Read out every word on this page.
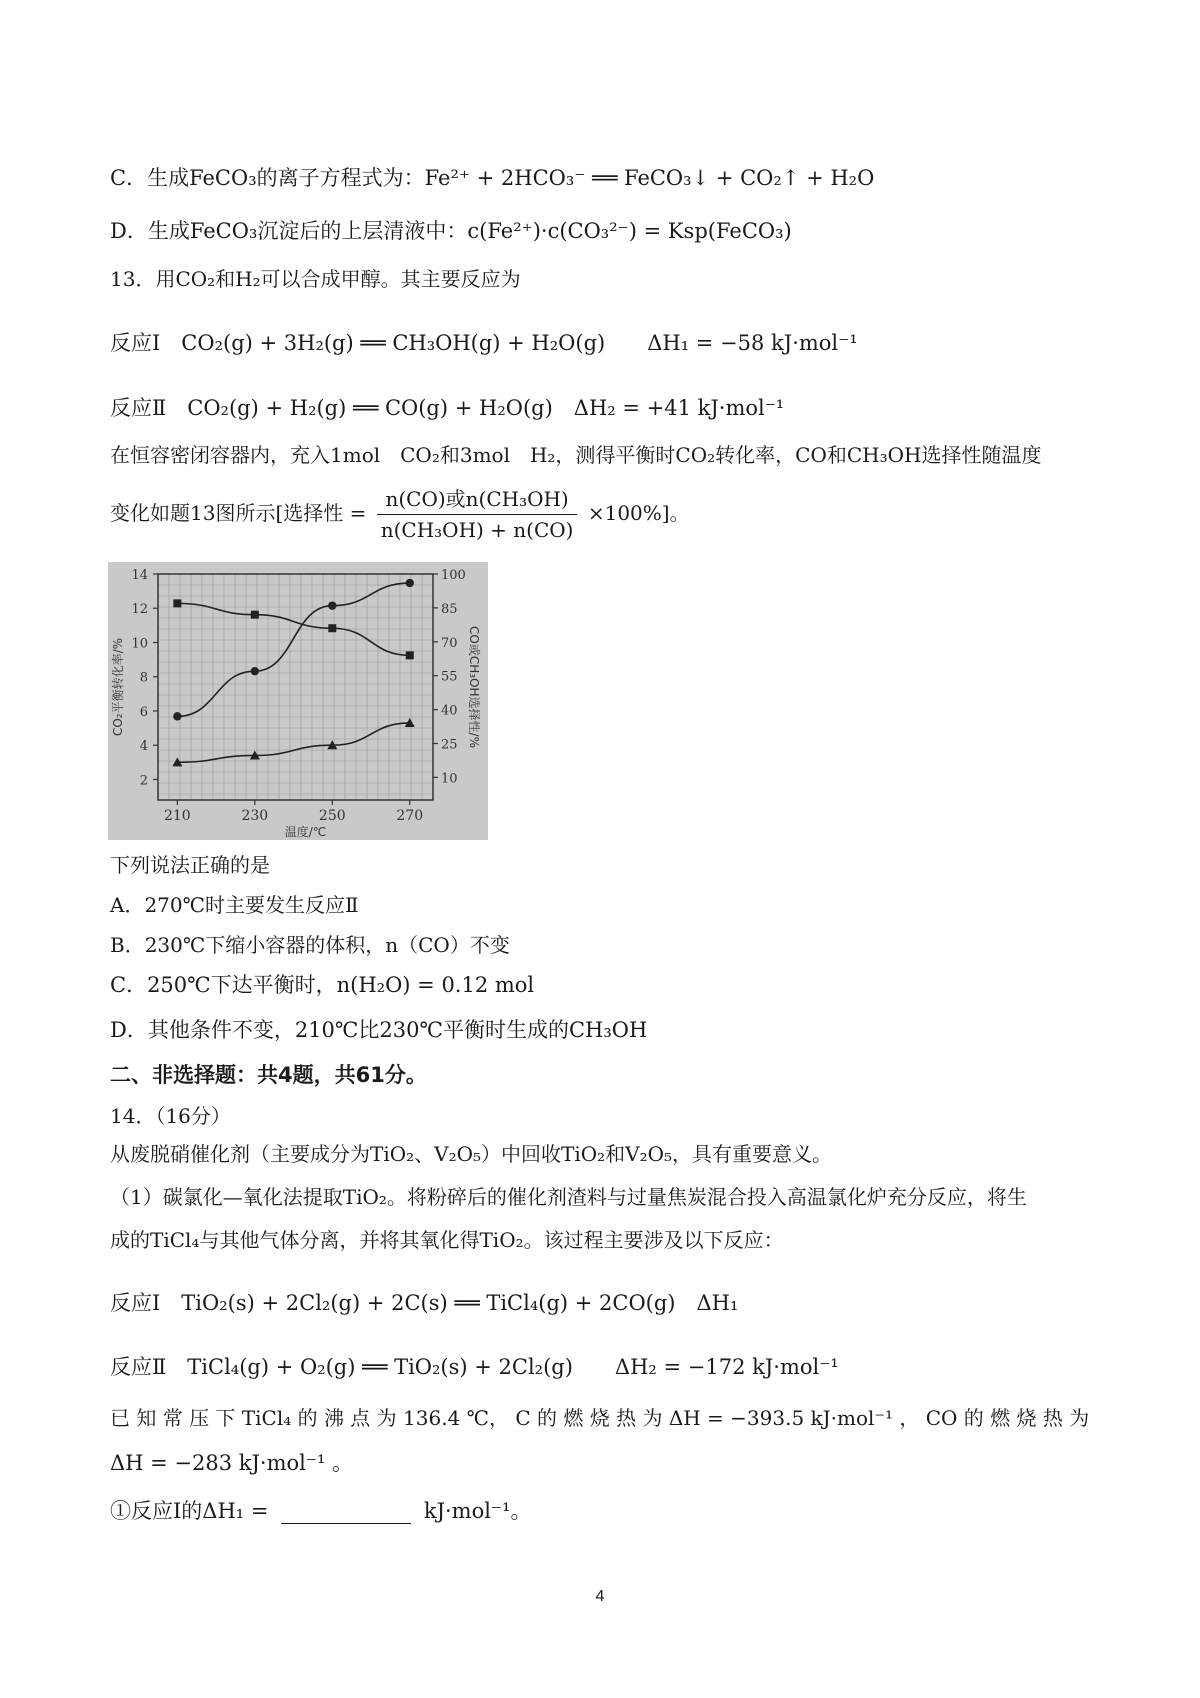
C．生成FeCO₃的离子方程式为：Fe²⁺ + 2HCO₃⁻ ══ FeCO₃↓ + CO₂↑ + H₂O
D．生成FeCO₃沉淀后的上层清液中：c(Fe²⁺)·c(CO₃²⁻) = Ksp(FeCO₃)
13．用CO₂和H₂可以合成甲醇。其主要反应为
反应Ⅰ　CO₂(g) + 3H₂(g) ══ CH₃OH(g) + H₂O(g)　　ΔH₁ = −58 kJ·mol⁻¹
反应Ⅱ　CO₂(g) + H₂(g) ══ CO(g) + H₂O(g)　ΔH₂ = +41 kJ·mol⁻¹
在恒容密闭容器内，充入1mol　CO₂和3mol　H₂，测得平衡时CO₂转化率，CO和CH₃OH选择性随温度
变化如题13图所示[选择性 = $\frac{\text{n(CO)或n(CH₃OH)}}{\text{n(CH₃OH) + n(CO)}} \times 100\%$]。
2
4
6
8
10
12
14
10
25
40
55
70
85
100
210	230	250	270
温度/℃
CO₂平衡转化率/%	CO或CH₃OH选择性/%
下列说法正确的是
A．270℃时主要发生反应Ⅱ
B．230℃下缩小容器的体积，n（CO）不变
C．250℃下达平衡时，n(H₂O) = 0.12 mol
D．其他条件不变，210℃比230℃平衡时生成的CH₃OH
二、非选择题：共4题，共61分。
14．（16分）
从废脱硝催化剂（主要成分为TiO₂、V₂O₅）中回收TiO₂和V₂O₅，具有重要意义。
（1）碳氯化—氧化法提取TiO₂。将粉碎后的催化剂渣料与过量焦炭混合投入高温氯化炉充分反应，将生
成的TiCl₄与其他气体分离，并将其氧化得TiO₂。该过程主要涉及以下反应：
反应Ⅰ　TiO₂(s) + 2Cl₂(g) + 2C(s) ══ TiCl₄(g) + 2CO(g)　ΔH₁
反应Ⅱ　TiCl₄(g) + O₂(g) ══ TiO₂(s) + 2Cl₂(g)　　ΔH₂ = −172 kJ·mol⁻¹
已 知 常 压 下 TiCl₄ 的 沸 点 为 136.4 ℃， C 的 燃 烧 热 为 ΔH = −393.5 kJ·mol⁻¹ ， CO 的 燃 烧 热 为
ΔH = −283 kJ·mol⁻¹ 。
①反应Ⅰ的ΔH₁ =	kJ·mol⁻¹。
4
